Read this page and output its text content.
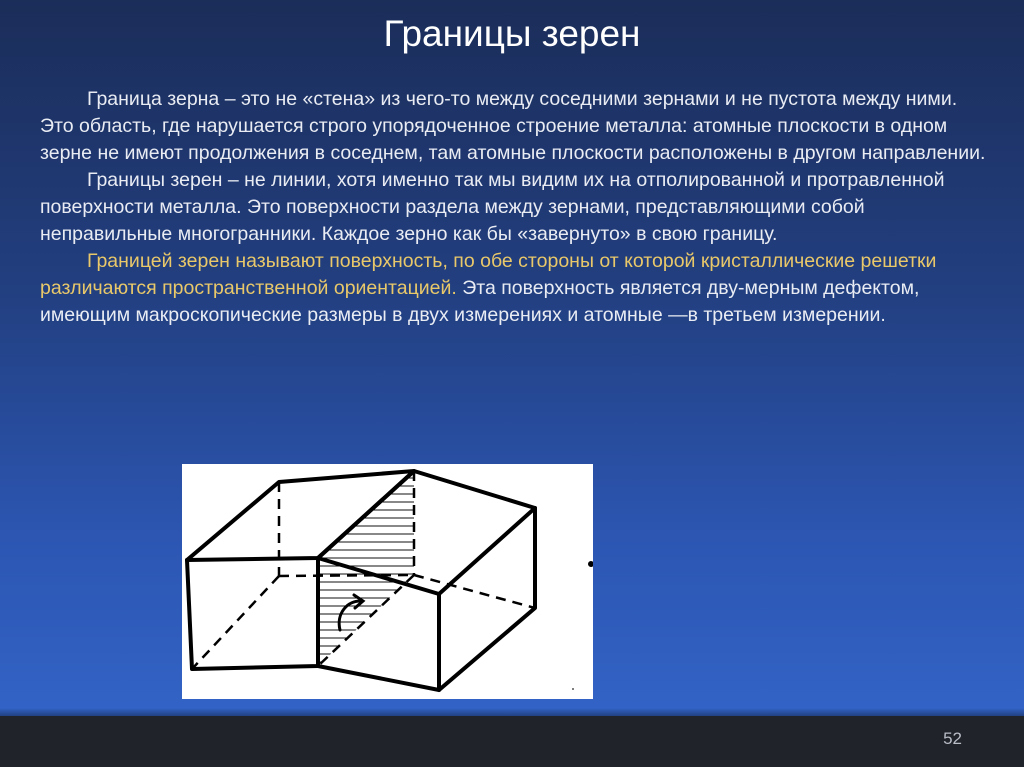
Границы зерен

Граница зерна – это не «стена» из чего-то между соседними зернами и не пустота между ними. Это область, где нарушается строго упорядоченное строение металла: атомные плоскости в одном зерне не имеют продолжения в соседнем, там атомные плоскости расположены в другом направлении.

Границы зерен – не линии, хотя именно так мы видим их на отполированной и протравленной поверхности металла. Это поверхности раздела между зернами, представляющими собой неправильные многогранники. Каждое зерно как бы «завернуто» в свою границу.

Границей зерен называют поверхность, по обе стороны от которой кристаллические решетки различаются пространственной ориентацией. Эта поверхность является дву-мерным дефектом, имеющим макроскопические размеры в двух измерениях и атомные —в третьем измерении.

52
